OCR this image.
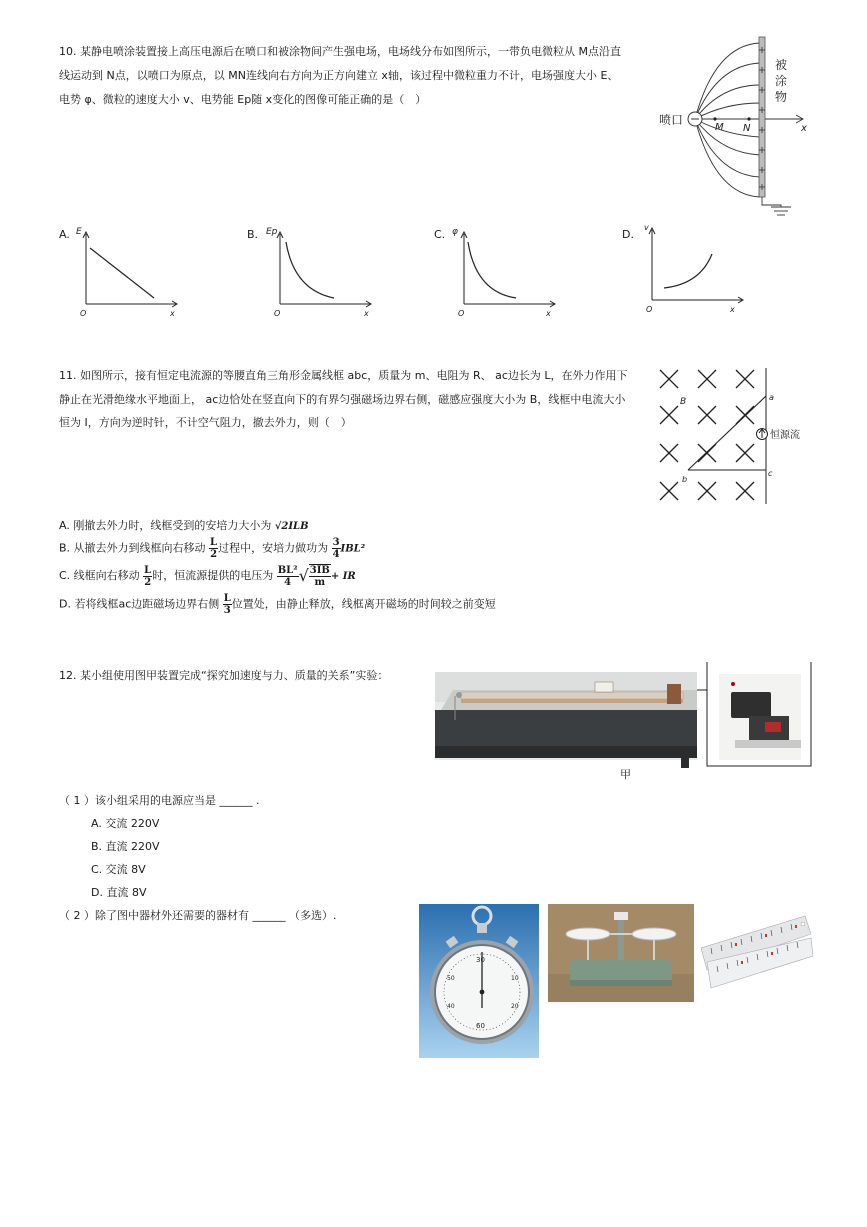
10. 某静电喷涂装置接上高压电源后在喷口和被涂物间产生强电场，电场线分布如图所示，一带负电微粒从 M点沿直
线运动到 N点，以喷口为原点，以 MN连线向右方向为正方向建立 x轴，该过程中微粒重力不计，电场强度大小 E、
电势 φ、微粒的速度大小 v、电势能 Ep随 x变化的图像可能正确的是（　）
喷口
被
涂
物
M N	x
A. E
O	x
B. Ep
O	x
C. φ
O	x
D.
v
O	x
11. 如图所示，接有恒定电流源的等腰直角三角形金属线框 abc，质量为 m、电阻为 R、 ac边长为 L，在外力作用下
静止在光滑绝缘水平地面上， ac边恰处在竖直向下的有界匀强磁场边界右侧，磁感应强度大小为 B，线框中电流大小
恒为 I，方向为逆时针，不计空气阻力，撤去外力，则（　）
B	a
b
c
恒源流
A. 刚撤去外力时，线框受到的安培力大小为 √2ILB
B. 从撤去外力到线框向右移动 $\frac{L}{2}$ 过程中，安培力做功为 $\frac{3}{4} IBL^2$
C. 线框向右移动 $\frac{L}{2}$ 时，恒流源提供的电压为 $\frac{\text{BL²}}{4}$ √ $\frac{3IB}{m}$ + IR
D. 若将线框ac边距磁场边界右侧 $\frac{L}{3}$ 位置处，由静止释放，线框离开磁场的时间较之前变短
12. 某小组使用图甲装置完成“探究加速度与力、质量的关系”实验：
甲
（ 1 ）该小组采用的电源应当是 ______ .
A. 交流 220V
B. 直流 220V
C. 交流 8V
D. 直流 8V
（ 2 ）除了图中器材外还需要的器材有 ______ （多选）.
30
60
10
20
40
50
